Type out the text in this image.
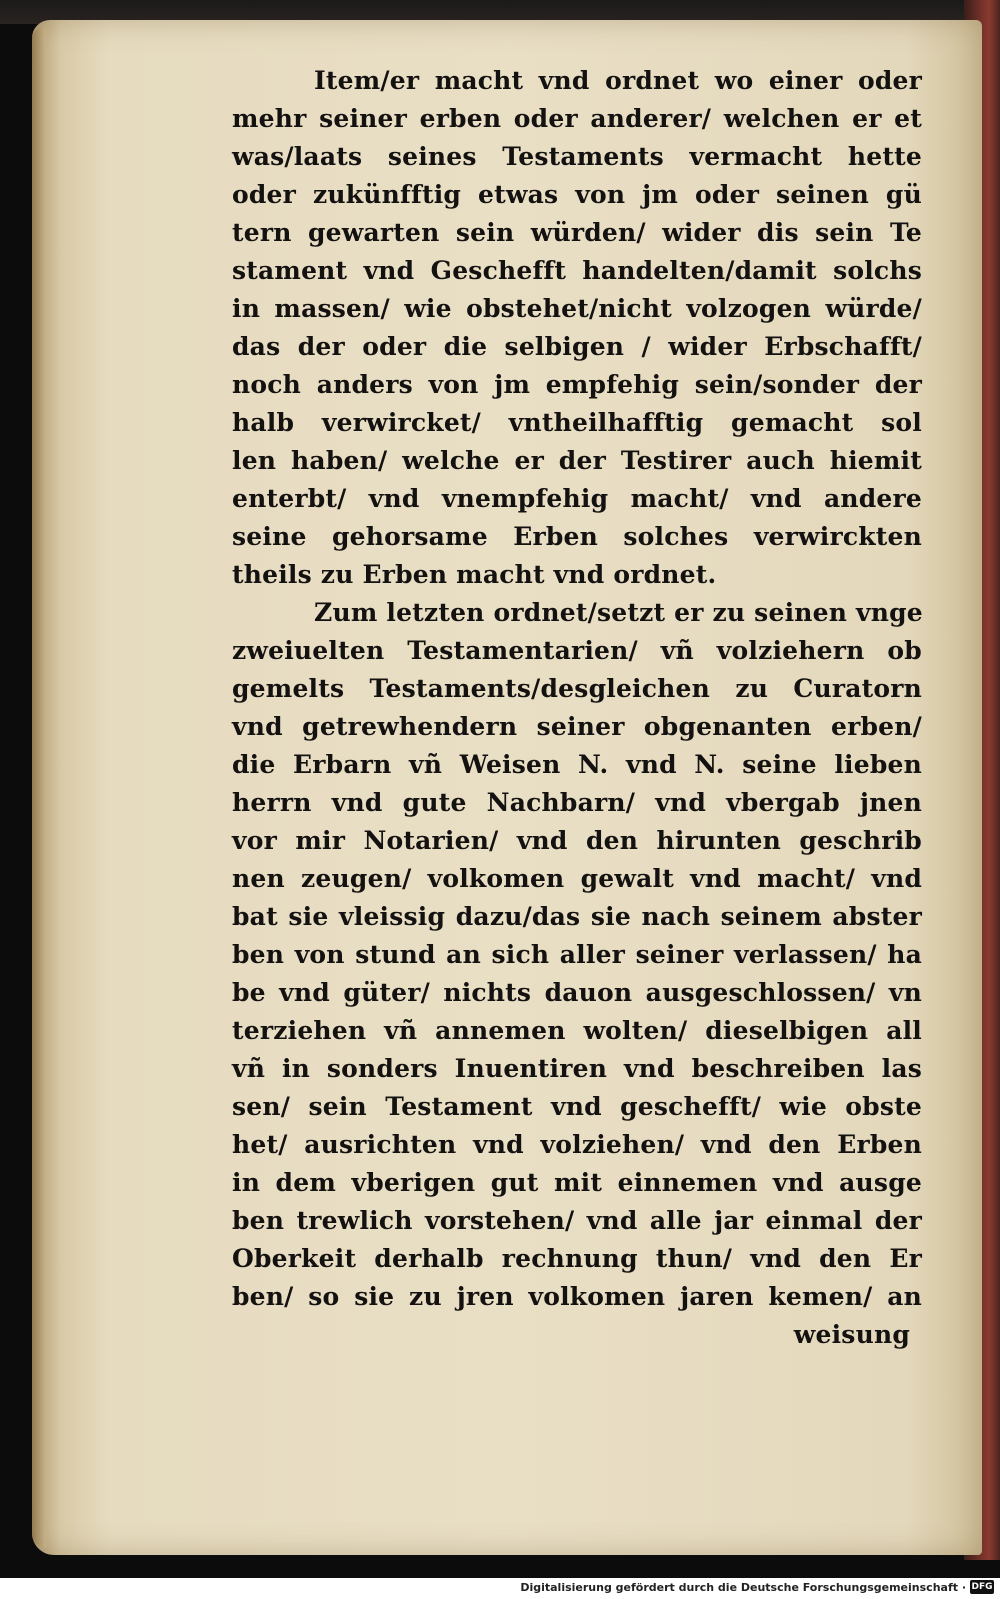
Item/er macht vnd ordnet wo einer oder
mehr seiner erben oder anderer/ welchen er et
was/laats seines Testaments vermacht hette
oder zukünfftig etwas von jm oder seinen gü
tern gewarten sein würden/ wider dis sein Te
stament vnd Geschefft handelten/damit solchs
in massen/ wie obstehet/nicht volzogen würde/
das der oder die selbigen / wider Erbschafft/
noch anders von jm empfehig sein/sonder der
halb verwircket/ vntheilhafftig gemacht sol
len haben/ welche er der Testirer auch hiemit
enterbt/ vnd vnempfehig macht/ vnd andere
seine gehorsame Erben solches verwirckten
theils zu Erben macht vnd ordnet.
Zum letzten ordnet/setzt er zu seinen vnge
zweiuelten Testamentarien/ vñ volziehern ob
gemelts Testaments/desgleichen zu Curatorn
vnd getrewhendern seiner obgenanten erben/
die Erbarn vñ Weisen N. vnd N. seine lieben
herrn vnd gute Nachbarn/ vnd vbergab jnen
vor mir Notarien/ vnd den hirunten geschrib
nen zeugen/ volkomen gewalt vnd macht/ vnd
bat sie vleissig dazu/das sie nach seinem abster
ben von stund an sich aller seiner verlassen/ ha
be vnd güter/ nichts dauon ausgeschlossen/ vn
terziehen vñ annemen wolten/ dieselbigen all
vñ in sonders Inuentiren vnd beschreiben las
sen/ sein Testament vnd geschefft/ wie obste
het/ ausrichten vnd volziehen/ vnd den Erben
in dem vberigen gut mit einnemen vnd ausge
ben trewlich vorstehen/ vnd alle jar einmal der
Oberkeit derhalb rechnung thun/ vnd den Er
ben/ so sie zu jren volkomen jaren kemen/ an
weisung
Digitalisierung gefördert durch die Deutsche Forschungsgemeinschaft · DFG
